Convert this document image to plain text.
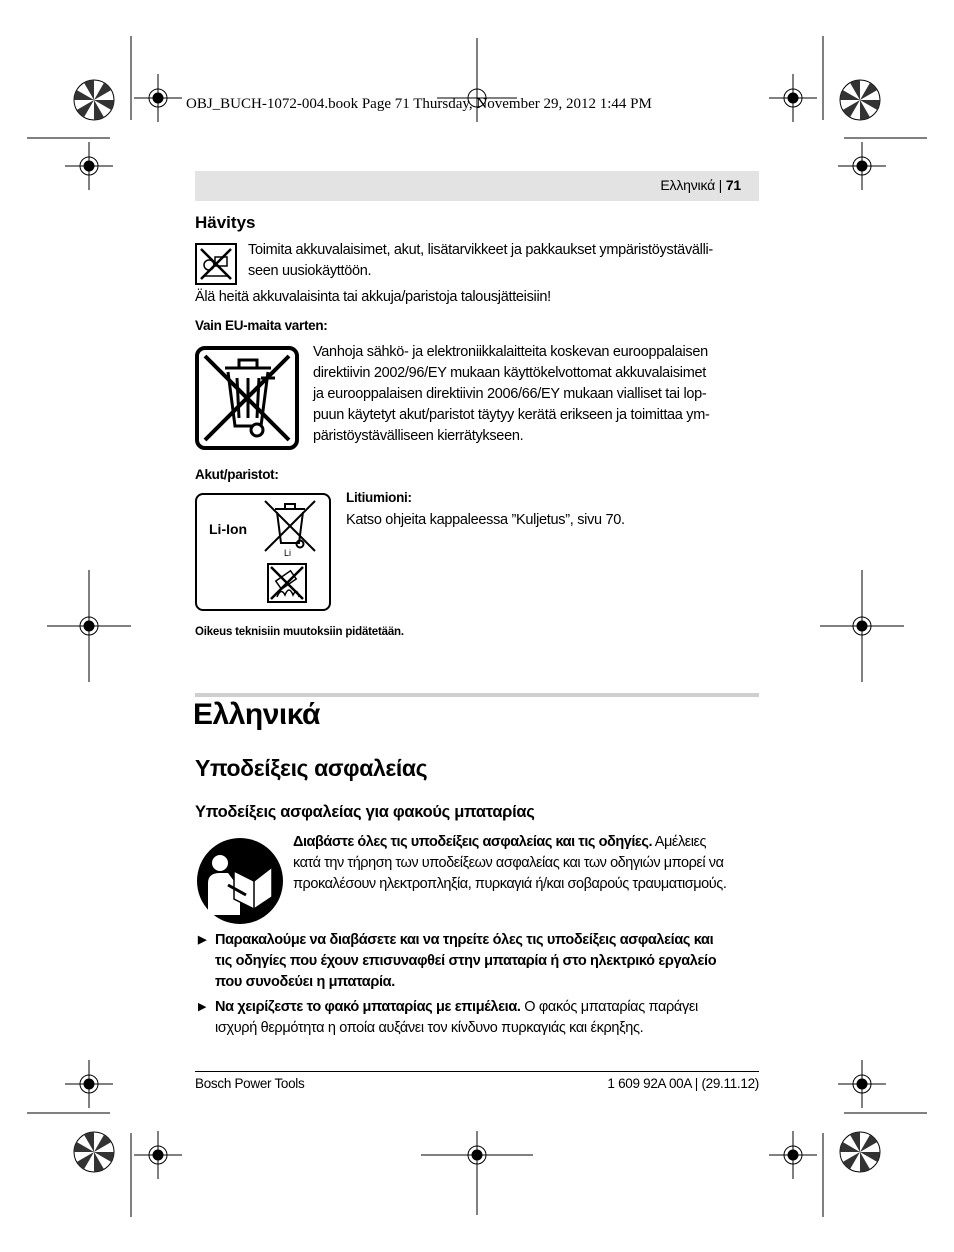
OBJ_BUCH-1072-004.book Page 71 Thursday, November 29, 2012 1:44 PM
Ελληνικά | 71
Hävitys
Toimita akkuvalaisimet, akut, lisätarvikkeet ja pakkaukset ympäristöystävälli-
seen uusiokäyttöön.
Älä heitä akkuvalaisinta tai akkuja/paristoja talousjätteisiin!
Vain EU-maita varten:
Vanhoja sähkö- ja elektroniikkalaitteita koskevan eurooppalaisen
direktiivin 2002/96/EY mukaan käyttökelvottomat akkuvalaisimet
ja eurooppalaisen direktiivin 2006/66/EY mukaan vialliset tai lop-
puun käytetyt akut/paristot täytyy kerätä erikseen ja toimittaa ym-
päristöystävälliseen kierrätykseen.
Akut/paristot:
Li-Ion
Li
Litiumioni:
Katso ohjeita kappaleessa ”Kuljetus”, sivu 70.
Oikeus teknisiin muutoksiin pidätetään.
Ελληνικά
Υποδείξεις ασφαλείας
Υποδείξεις ασφαλείας για φακούς μπαταρίας
Διαβάστε όλες τις υποδείξεις ασφαλείας και τις οδηγίες. Αμέλειες
κατά την τήρηση των υποδείξεων ασφαλείας και των οδηγιών μπορεί να
προκαλέσουν ηλεκτροπληξία, πυρκαγιά ή/και σοβαρούς τραυματισμούς.
▶ Παρακαλούμε να διαβάσετε και να τηρείτε όλες τις υποδείξεις ασφαλείας και
τις οδηγίες που έχουν επισυναφθεί στην μπαταρία ή στο ηλεκτρικό εργαλείο
που συνοδεύει η μπαταρία.
▶ Να χειρίζεστε το φακό μπαταρίας με επιμέλεια. Ο φακός μπαταρίας παράγει
ισχυρή θερμότητα η οποία αυξάνει τον κίνδυνο πυρκαγιάς και έκρηξης.
Bosch Power Tools	1 609 92A 00A | (29.11.12)
